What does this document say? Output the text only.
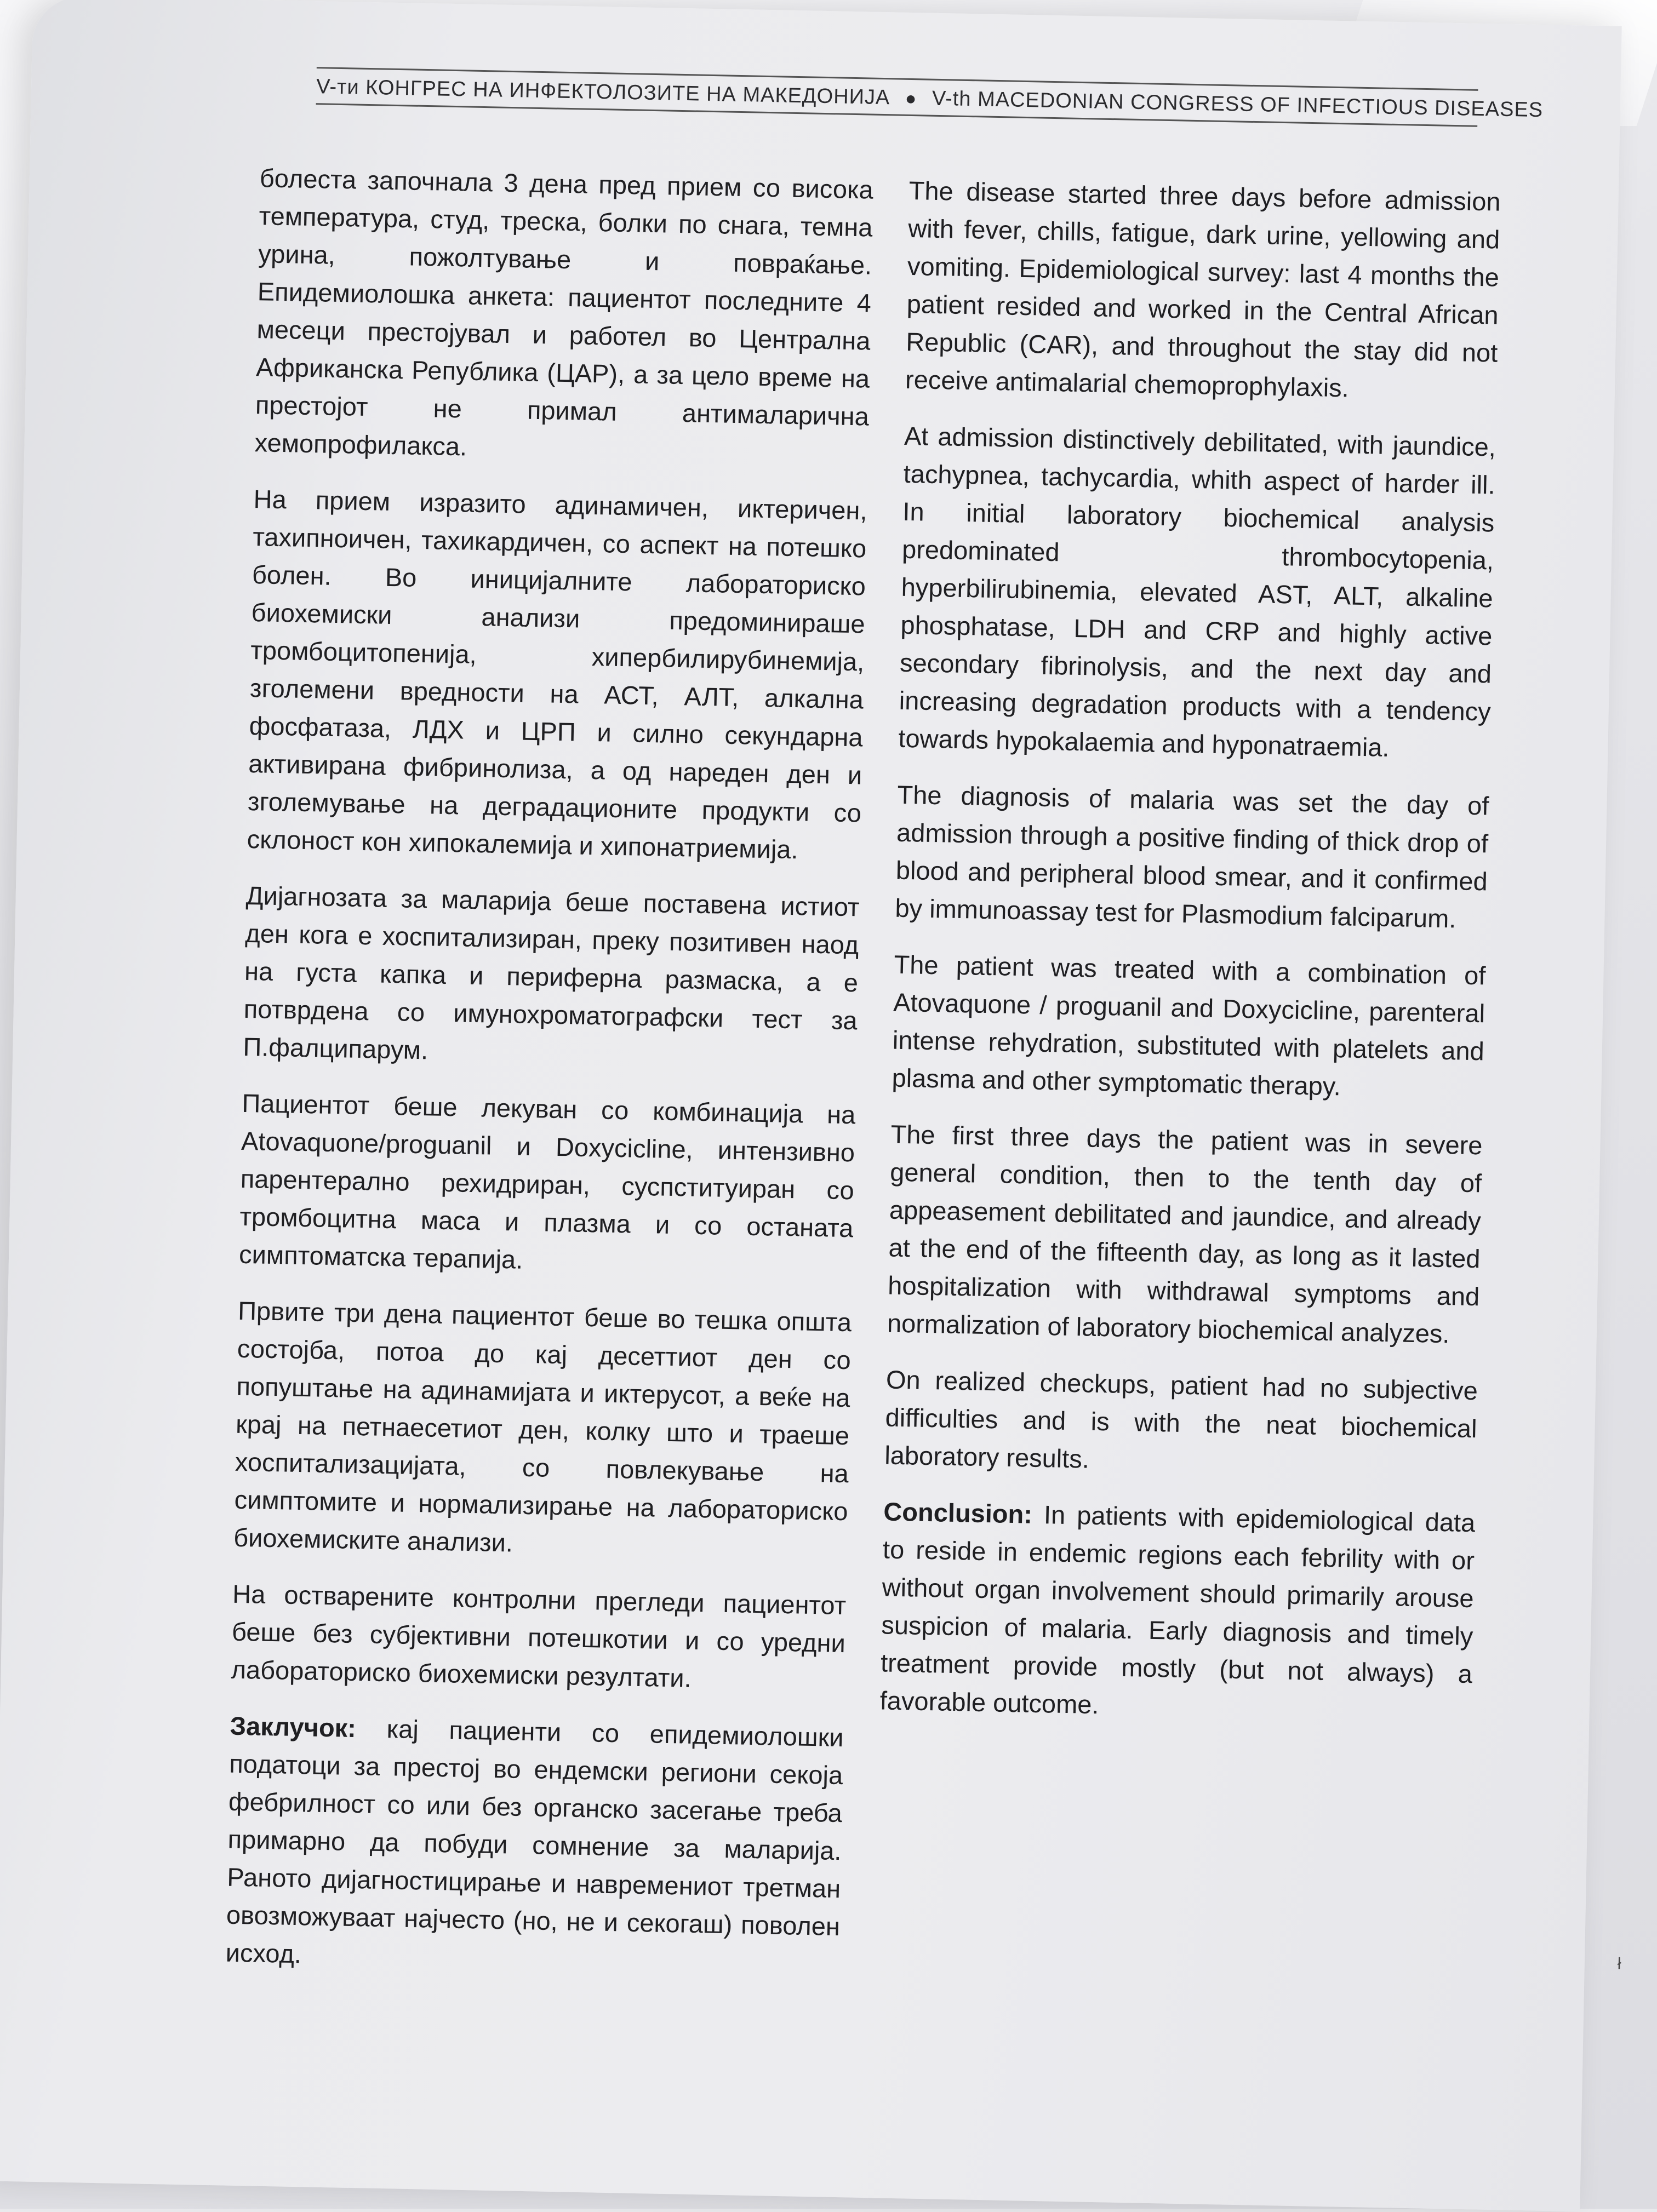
V-ти КОНГРЕС НА ИНФЕКТОЛОЗИТЕ НА МАКЕДОНИЈА ● V-th MACEDONIAN CONGRESS OF INFECTIOUS DISEASES

болеста започнала 3 дена пред прием со висока температура, студ, треска, болки по снага, темна урина, пожолтување и повраќање. Епидемиолошка анкета: пациентот последните 4 месеци престојувал и работел во Централна Африканска Република (ЦАР), а за цело време на престојот не примал антималарична хемопрофилакса.

На прием изразито адинамичен, иктеричен, тахипноичен, тахикардичен, со аспект на потешко болен. Во иницијалните лабораториско биохемиски анализи предоминираше тромбоцитопенија, хипербилирубинемија, зголемени вредности на АСТ, АЛТ, алкална фосфатаза, ЛДХ и ЦРП и силно секундарна активирана фибринолиза, а од нареден ден и зголемување на деградационите продукти со склоност кон хипокалемија и хипонатриемија.

Дијагнозата за маларија беше поставена истиот ден кога е хоспитализиран, преку позитивен наод на густа капка и периферна размаска, а е потврдена со имунохроматографски тест за П.фалципарум.

Пациентот беше лекуван со комбинација на Atovaquone/proguanil и Doxycicline, интензивно парентерално рехидриран, суспституиран со тромбоцитна маса и плазма и со останата симптоматска терапија.

Првите три дена пациентот беше во тешка општа состојба, потоа до кај десеттиот ден со попуштање на адинамијата и иктерусот, а веќе на крај на петнаесетиот ден, колку што и траеше хоспитализацијата, со повлекување на симптомите и нормализирање на лабораториско биохемиските анализи.

На остварените контролни прегледи пациентот беше без субјективни потешкотии и со уредни лабораториско биохемиски резултати.

Заклучок: кај пациенти со епидемиолошки податоци за престој во ендемски региони секоја фебрилност со или без органско засегање треба примарно да побуди сомнение за маларија. Раното дијагностицирање и навремениот третман овозможуваат најчесто (но, не и секогаш) поволен исход.

The disease started three days before admission with fever, chills, fatigue, dark urine, yellowing and vomiting. Epidemiological survey: last 4 months the patient resided and worked in the Central African Republic (CAR), and throughout the stay did not receive antimalarial chemoprophylaxis.

At admission distinctively debilitated, with jaundice, tachypnea, tachycardia, whith aspect of harder ill. In initial laboratory biochemical analysis predominated thrombocytopenia, hyperbilirubinemia, elevated AST, ALT, alkaline phosphatase, LDH and CRP and highly active secondary fibrinolysis, and the next day and increasing degradation products with a tendency towards hypokalaemia and hyponatraemia.

The diagnosis of malaria was set the day of admission through a positive finding of thick drop of blood and peripheral blood smear, and it confirmed by immunoassay test for Plasmodium falciparum.

The patient was treated with a combination of Atovaquone / proguanil and Doxycicline, parenteral intense rehydration, substituted with platelets and plasma and other symptomatic therapy.

The first three days the patient was in severe general condition, then to the tenth day of appeasement debilitated and jaundice, and already at the end of the fifteenth day, as long as it lasted hospitalization with withdrawal symptoms and normalization of laboratory biochemical analyzes.

On realized checkups, patient had no subjective difficulties and is with the neat biochemical laboratory results.

Conclusion: In patients with epidemiological data to reside in endemic regions each febrility with or without organ involvement should primarily arouse suspicion of malaria. Early diagnosis and timely treatment provide mostly (but not always) a favorable outcome.

ł
